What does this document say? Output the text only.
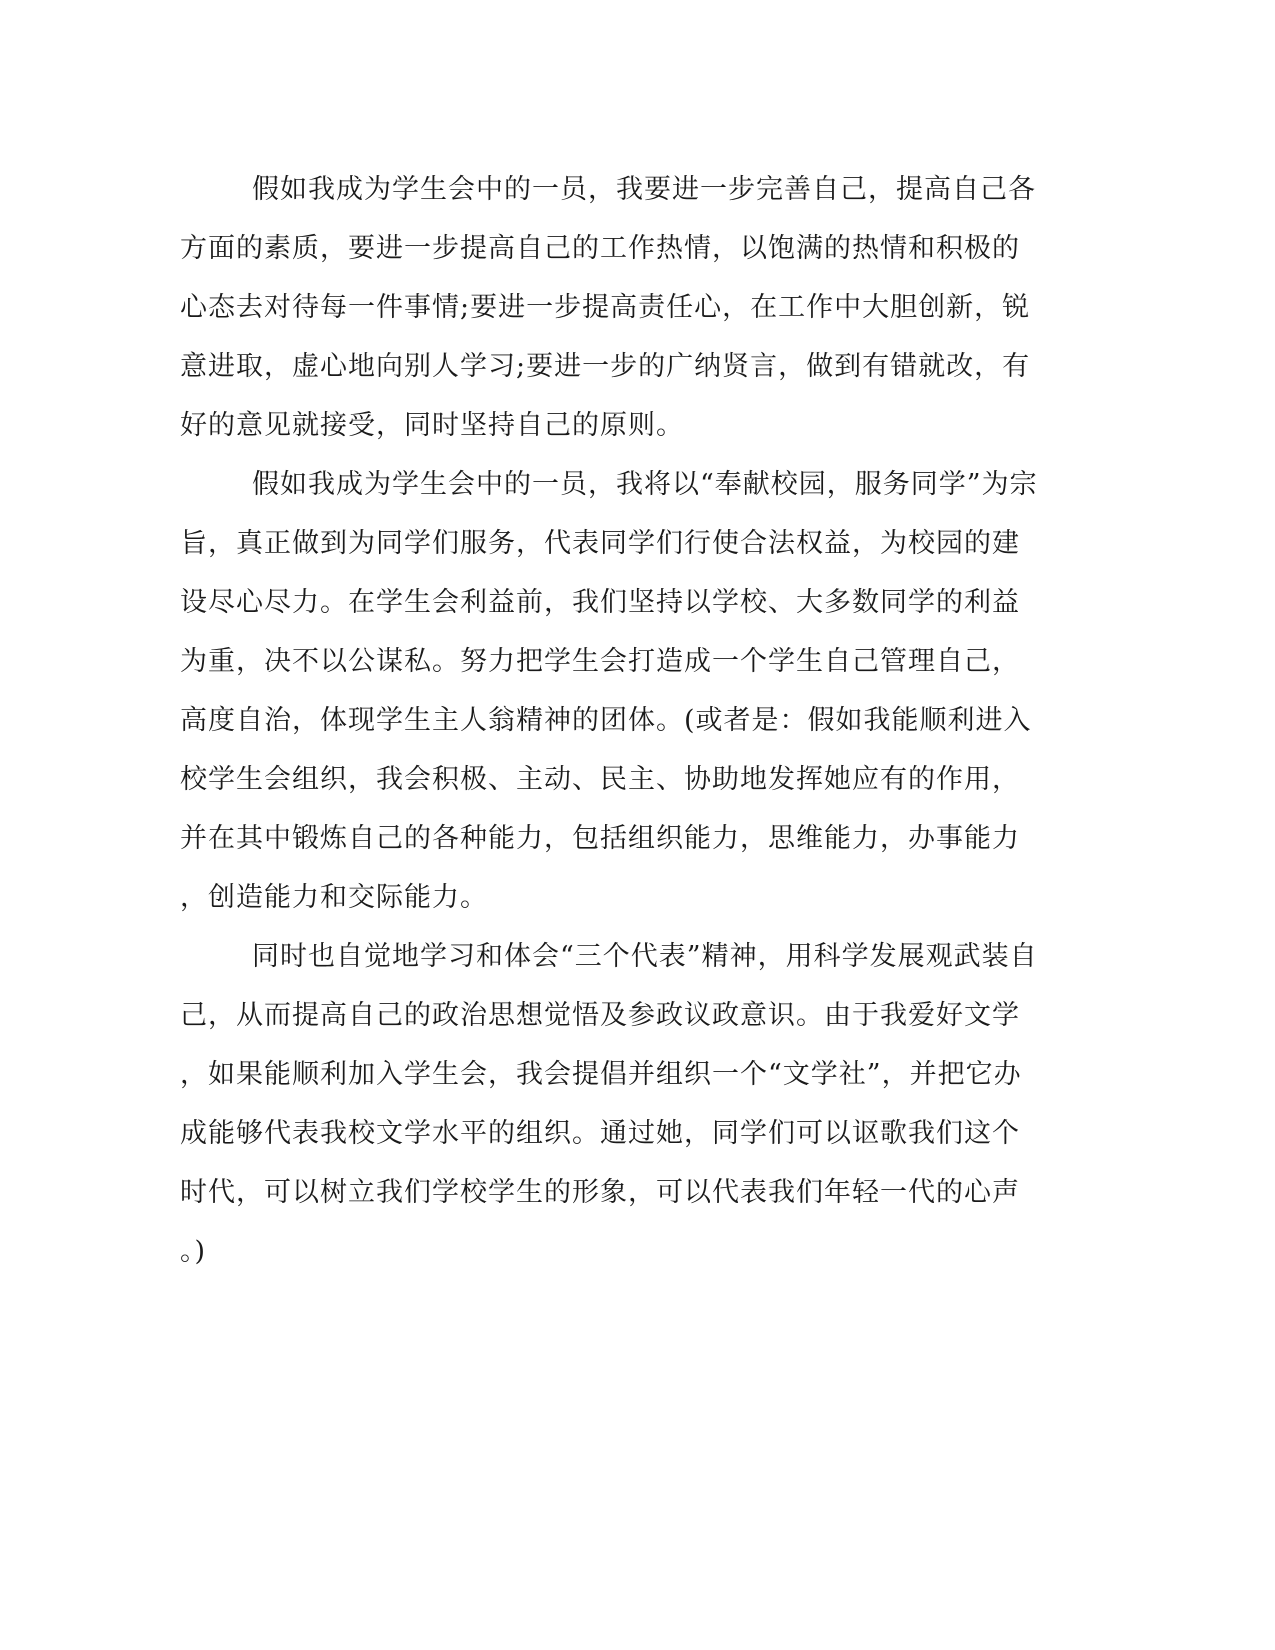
假如我成为学生会中的一员，我要进一步完善自己，提高自己各
方面的素质，要进一步提高自己的工作热情，以饱满的热情和积极的
心态去对待每一件事情;要进一步提高责任心，在工作中大胆创新，锐
意进取，虚心地向别人学习;要进一步的广纳贤言，做到有错就改，有
好的意见就接受，同时坚持自己的原则。

假如我成为学生会中的一员，我将以“奉献校园，服务同学”为宗
旨，真正做到为同学们服务，代表同学们行使合法权益，为校园的建
设尽心尽力。在学生会利益前，我们坚持以学校、大多数同学的利益
为重，决不以公谋私。努力把学生会打造成一个学生自己管理自己，
高度自治，体现学生主人翁精神的团体。(或者是：假如我能顺利进入
校学生会组织，我会积极、主动、民主、协助地发挥她应有的作用，
并在其中锻炼自己的各种能力，包括组织能力，思维能力，办事能力
，创造能力和交际能力。

同时也自觉地学习和体会“三个代表”精神，用科学发展观武装自
己，从而提高自己的政治思想觉悟及参政议政意识。由于我爱好文学
，如果能顺利加入学生会，我会提倡并组织一个“文学社”，并把它办
成能够代表我校文学水平的组织。通过她，同学们可以讴歌我们这个
时代，可以树立我们学校学生的形象，可以代表我们年轻一代的心声
。)
